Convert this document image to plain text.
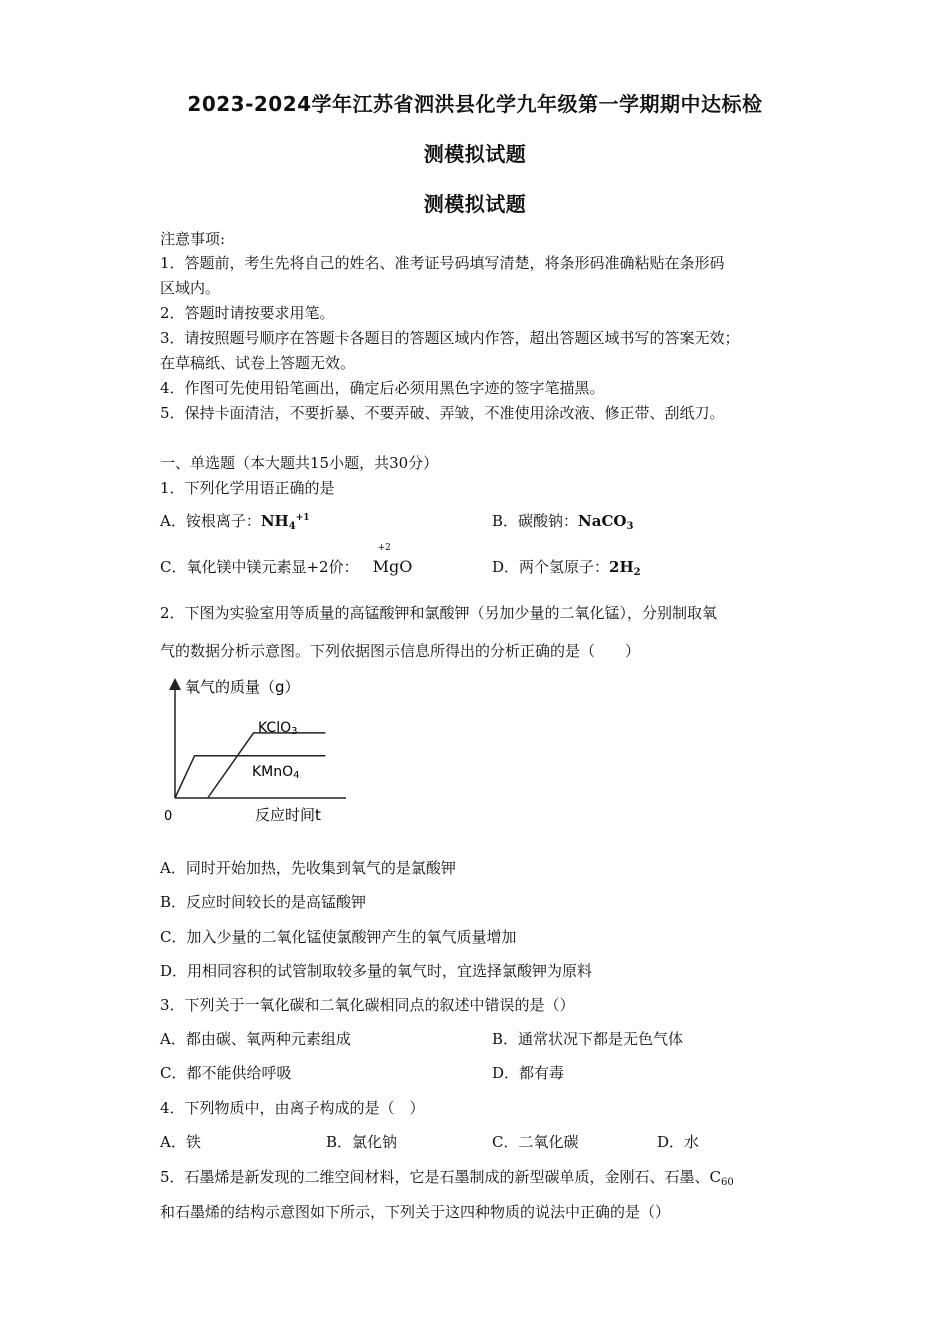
2023-2024学年江苏省泗洪县化学九年级第一学期期中达标检
测模拟试题
测模拟试题
注意事项:
1．答题前，考生先将自己的姓名、准考证号码填写清楚，将条形码准确粘贴在条形码
区域内。
2．答题时请按要求用笔。
3．请按照题号顺序在答题卡各题目的答题区域内作答，超出答题区域书写的答案无效；
在草稿纸、试卷上答题无效。
4．作图可先使用铅笔画出，确定后必须用黑色字迹的签字笔描黑。
5．保持卡面清洁，不要折暴、不要弄破、弄皱，不准使用涂改液、修正带、刮纸刀。
一、单选题（本大题共15小题，共30分）
1．下列化学用语正确的是
A．铵根离子：$NH_4^{+1}$	B．碳酸钠：NaCO$_3$
C．氧化镁中镁元素显+2价：
+2
MgO	D．两个氢原子：$2H_2$
2．下图为实验室用等质量的高锰酸钾和氯酸钾（另加少量的二氧化锰），分别制取氧
气的数据分析示意图。下列依据图示信息所得出的分析正确的是（　　）
氧气的质量（g）
反应时间t
0
KClO3
KMnO4
A．同时开始加热，先收集到氧气的是氯酸钾
B．反应时间较长的是高锰酸钾
C．加入少量的二氧化锰使氯酸钾产生的氧气质量增加
D．用相同容积的试管制取较多量的氧气时，宜选择氯酸钾为原料
3．下列关于一氧化碳和二氧化碳相同点的叙述中错误的是（）
A．都由碳、氧两种元素组成	B．通常状况下都是无色气体
C．都不能供给呼吸	D．都有毒
4．下列物质中，由离子构成的是（　）
A．铁	B．氯化钠	C．二氧化碳	D．水
5．石墨烯是新发现的二维空间材料，它是石墨制成的新型碳单质，金刚石、石墨、$C_{60}$
和石墨烯的结构示意图如下所示，下列关于这四种物质的说法中正确的是（）
